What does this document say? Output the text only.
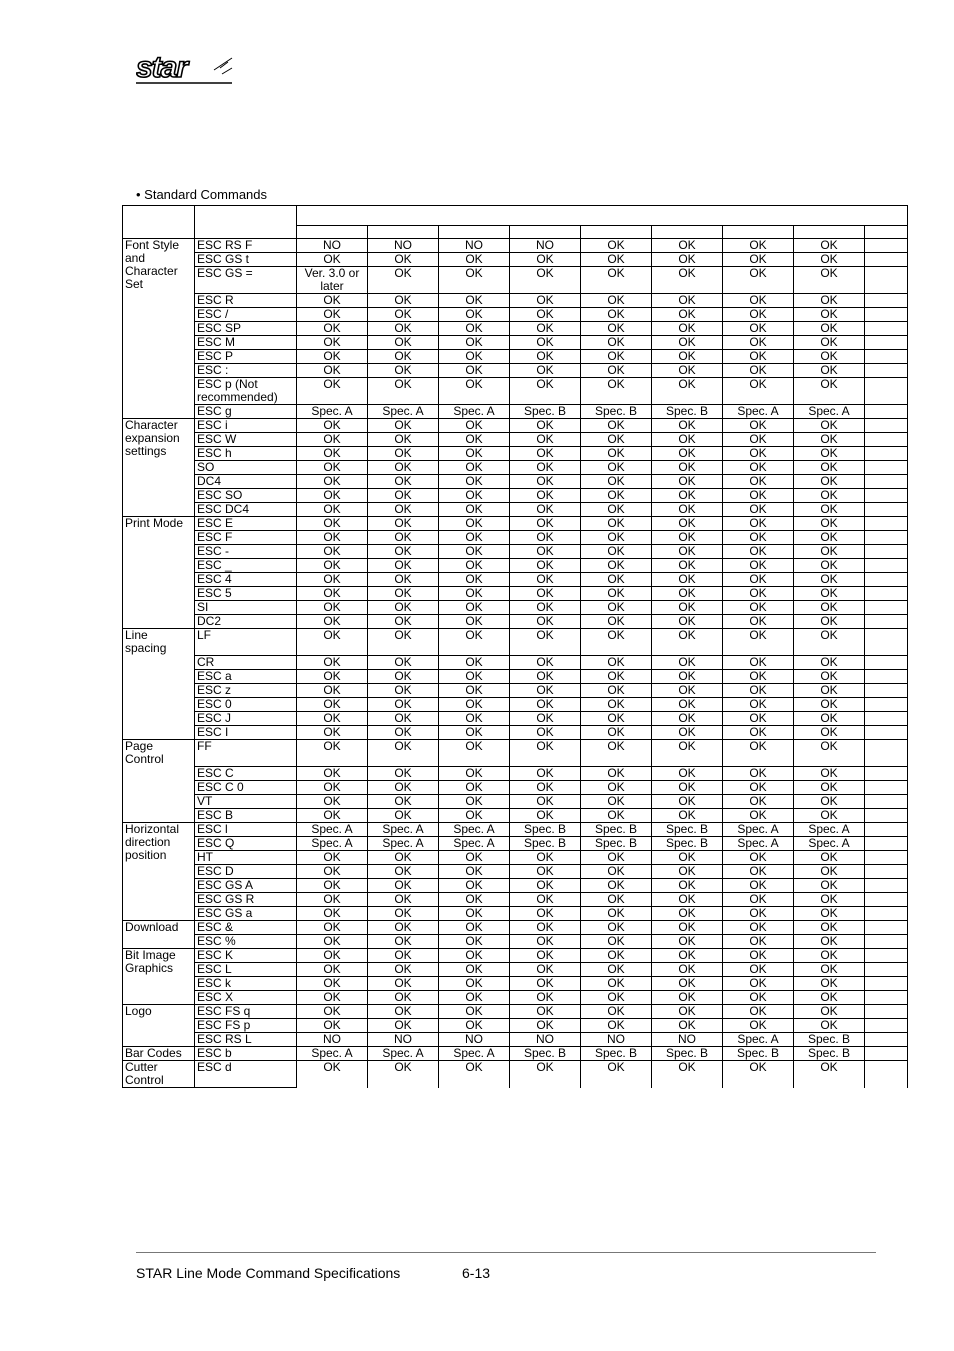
star
• Standard Commands

Font Style and Character Set	ESC RS F	NO	NO	NO	NO	OK	OK	OK	OK	
	ESC GS t	OK	OK	OK	OK	OK	OK	OK	OK	
	ESC GS =	Ver. 3.0 or later	OK	OK	OK	OK	OK	OK	OK	
	ESC R	OK	OK	OK	OK	OK	OK	OK	OK	
	ESC /	OK	OK	OK	OK	OK	OK	OK	OK	
	ESC SP	OK	OK	OK	OK	OK	OK	OK	OK	
	ESC M	OK	OK	OK	OK	OK	OK	OK	OK	
	ESC P	OK	OK	OK	OK	OK	OK	OK	OK	
	ESC :	OK	OK	OK	OK	OK	OK	OK	OK	
	ESC p (Not recommended)	OK	OK	OK	OK	OK	OK	OK	OK	
	ESC g	Spec. A	Spec. A	Spec. A	Spec. B	Spec. B	Spec. B	Spec. A	Spec. A	
Character expansion settings	ESC i	OK	OK	OK	OK	OK	OK	OK	OK	
	ESC W	OK	OK	OK	OK	OK	OK	OK	OK	
	ESC h	OK	OK	OK	OK	OK	OK	OK	OK	
	SO	OK	OK	OK	OK	OK	OK	OK	OK	
	DC4	OK	OK	OK	OK	OK	OK	OK	OK	
	ESC SO	OK	OK	OK	OK	OK	OK	OK	OK	
	ESC DC4	OK	OK	OK	OK	OK	OK	OK	OK	
Print Mode	ESC E	OK	OK	OK	OK	OK	OK	OK	OK	
	ESC F	OK	OK	OK	OK	OK	OK	OK	OK	
	ESC -	OK	OK	OK	OK	OK	OK	OK	OK	
	ESC _	OK	OK	OK	OK	OK	OK	OK	OK	
	ESC 4	OK	OK	OK	OK	OK	OK	OK	OK	
	ESC 5	OK	OK	OK	OK	OK	OK	OK	OK	
	SI	OK	OK	OK	OK	OK	OK	OK	OK	
	DC2	OK	OK	OK	OK	OK	OK	OK	OK	
Line spacing	LF	OK	OK	OK	OK	OK	OK	OK	OK	
	CR	OK	OK	OK	OK	OK	OK	OK	OK	
	ESC a	OK	OK	OK	OK	OK	OK	OK	OK	
	ESC z	OK	OK	OK	OK	OK	OK	OK	OK	
	ESC 0	OK	OK	OK	OK	OK	OK	OK	OK	
	ESC J	OK	OK	OK	OK	OK	OK	OK	OK	
	ESC I	OK	OK	OK	OK	OK	OK	OK	OK	
Page Control	FF	OK	OK	OK	OK	OK	OK	OK	OK	
	ESC C	OK	OK	OK	OK	OK	OK	OK	OK	
	ESC C 0	OK	OK	OK	OK	OK	OK	OK	OK	
	VT	OK	OK	OK	OK	OK	OK	OK	OK	
	ESC B	OK	OK	OK	OK	OK	OK	OK	OK	
Horizontal direction position	ESC l	Spec. A	Spec. A	Spec. A	Spec. B	Spec. B	Spec. B	Spec. A	Spec. A	
	ESC Q	Spec. A	Spec. A	Spec. A	Spec. B	Spec. B	Spec. B	Spec. A	Spec. A	
	HT	OK	OK	OK	OK	OK	OK	OK	OK	
	ESC D	OK	OK	OK	OK	OK	OK	OK	OK	
	ESC GS A	OK	OK	OK	OK	OK	OK	OK	OK	
	ESC GS R	OK	OK	OK	OK	OK	OK	OK	OK	
	ESC GS a	OK	OK	OK	OK	OK	OK	OK	OK	
Download	ESC &	OK	OK	OK	OK	OK	OK	OK	OK	
	ESC %	OK	OK	OK	OK	OK	OK	OK	OK	
Bit Image Graphics	ESC K	OK	OK	OK	OK	OK	OK	OK	OK	
	ESC L	OK	OK	OK	OK	OK	OK	OK	OK	
	ESC k	OK	OK	OK	OK	OK	OK	OK	OK	
	ESC X	OK	OK	OK	OK	OK	OK	OK	OK	
Logo	ESC FS q	OK	OK	OK	OK	OK	OK	OK	OK	
	ESC FS p	OK	OK	OK	OK	OK	OK	OK	OK	
	ESC RS L	NO	NO	NO	NO	NO	NO	Spec. A	Spec. B	
Bar Codes	ESC b	Spec. A	Spec. A	Spec. A	Spec. B	Spec. B	Spec. B	Spec. B	Spec. B	
Cutter Control	ESC d	OK	OK	OK	OK	OK	OK	OK	OK	
STAR Line Mode Command Specifications	6-13
